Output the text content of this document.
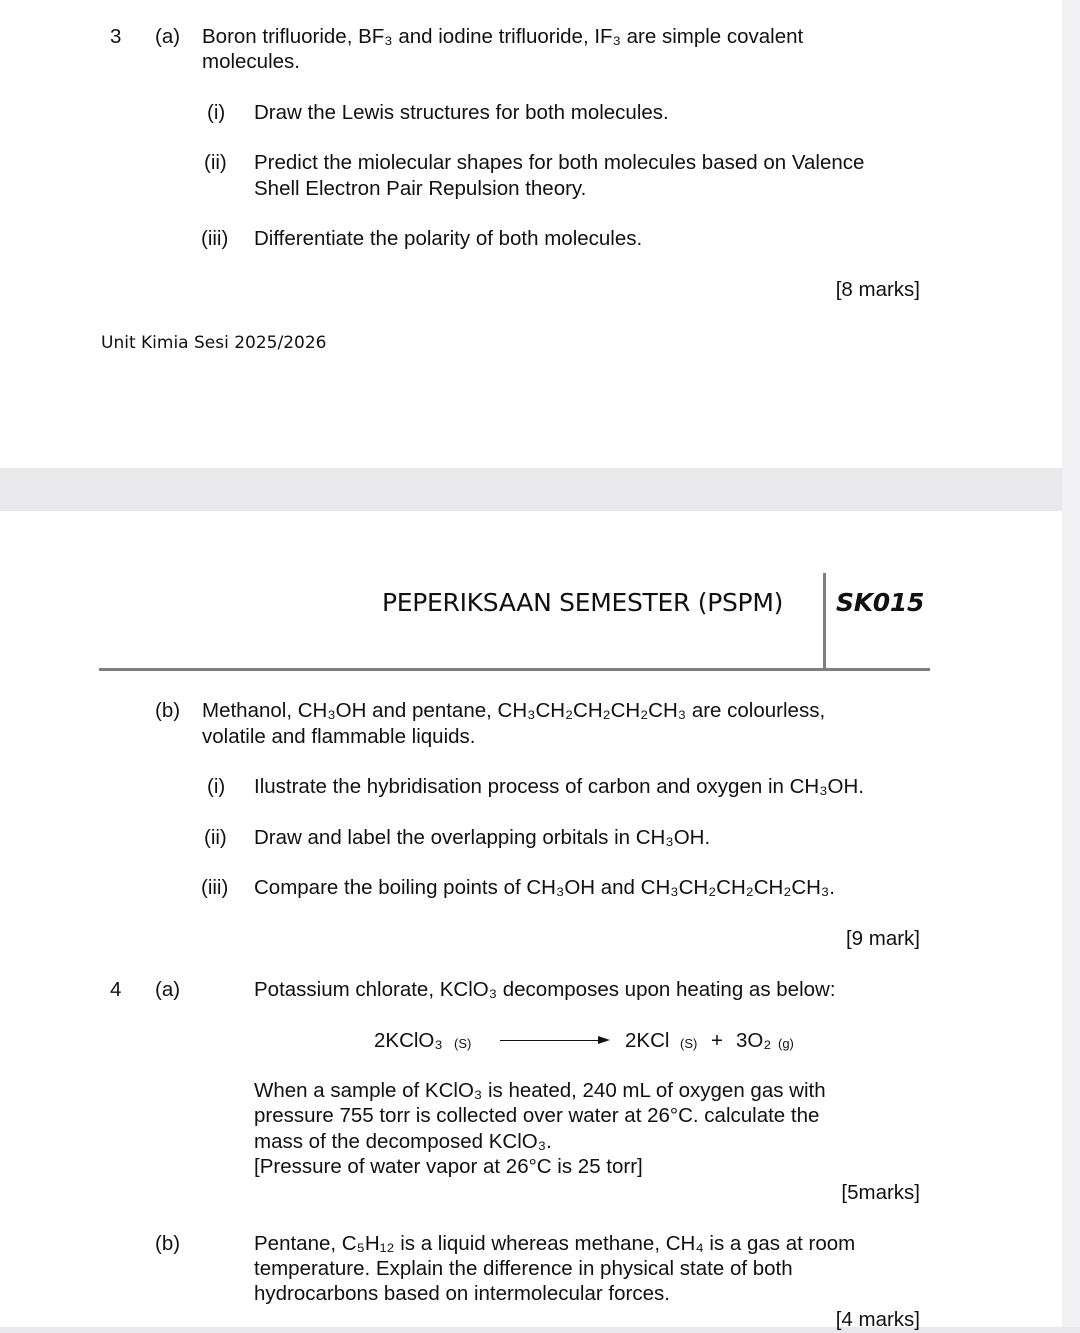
3 (a) Boron trifluoride, BF₃ and iodine trifluoride, IF₃ are simple covalent
molecules.
(i) Draw the Lewis structures for both molecules.
(ii) Predict the miolecular shapes for both molecules based on Valence
Shell Electron Pair Repulsion theory.
(iii) Differentiate the polarity of both molecules.
[8 marks]
Unit Kimia Sesi 2025/2026
PEPERIKSAAN SEMESTER (PSPM) SK015
(b) Methanol, CH₃OH and pentane, CH₃CH₂CH₂CH₂CH₃ are colourless,
volatile and flammable liquids.
(i) Ilustrate the hybridisation process of carbon and oxygen in CH₃OH.
(ii) Draw and label the overlapping orbitals in CH₃OH.
(iii) Compare the boiling points of CH₃OH and CH₃CH₂CH₂CH₂CH₃.
[9 mark]
4 (a)	Potassium chlorate, KClO₃ decomposes upon heating as below:
2KClO₃ (S)	2KCl (S) + 3O₂ (g)
When a sample of KClO₃ is heated, 240 mL of oxygen gas with
pressure 755 torr is collected over water at 26°C. calculate the
mass of the decomposed KClO₃.
[Pressure of water vapor at 26°C is 25 torr]
[5marks]
(b)	Pentane, C₅H₁₂ is a liquid whereas methane, CH₄ is a gas at room
temperature. Explain the difference in physical state of both
hydrocarbons based on intermolecular forces.
[4 marks]
